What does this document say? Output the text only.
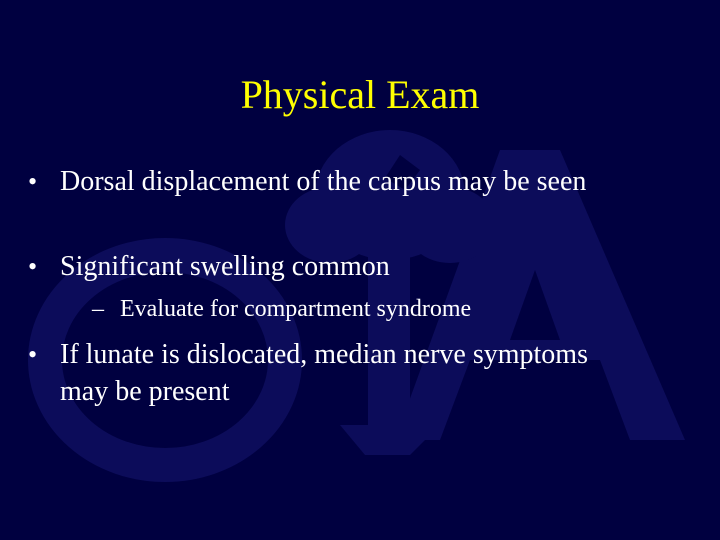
Physical Exam
• Dorsal displacement of the carpus may be seen
• Significant swelling common
– Evaluate for compartment syndrome
• If lunate is dislocated, median nerve symptoms may be present
